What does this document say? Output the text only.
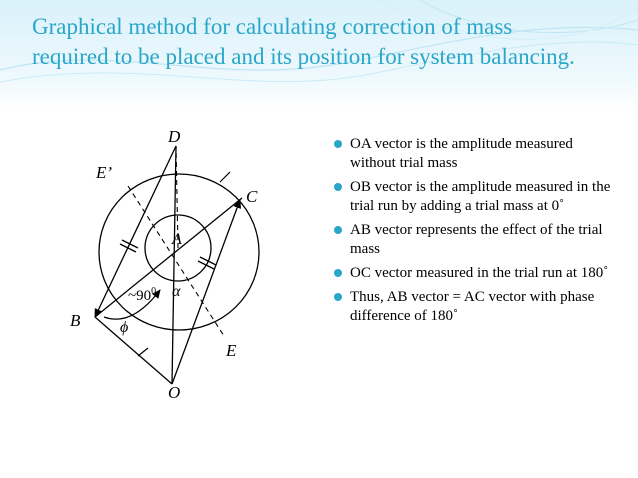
Graphical method for calculating correction of mass required to be placed and its position for system balancing.
D
E’
C
A
α
$\sim 90^0$
B ϕ
E
O
OA vector is the amplitude measured without trial mass
OB vector is the amplitude measured in the trial run by adding a trial mass at 0˚
AB vector represents the effect of the trial mass
OC vector measured in the trial run at 180˚
Thus, AB vector = AC vector with phase difference of 180˚
